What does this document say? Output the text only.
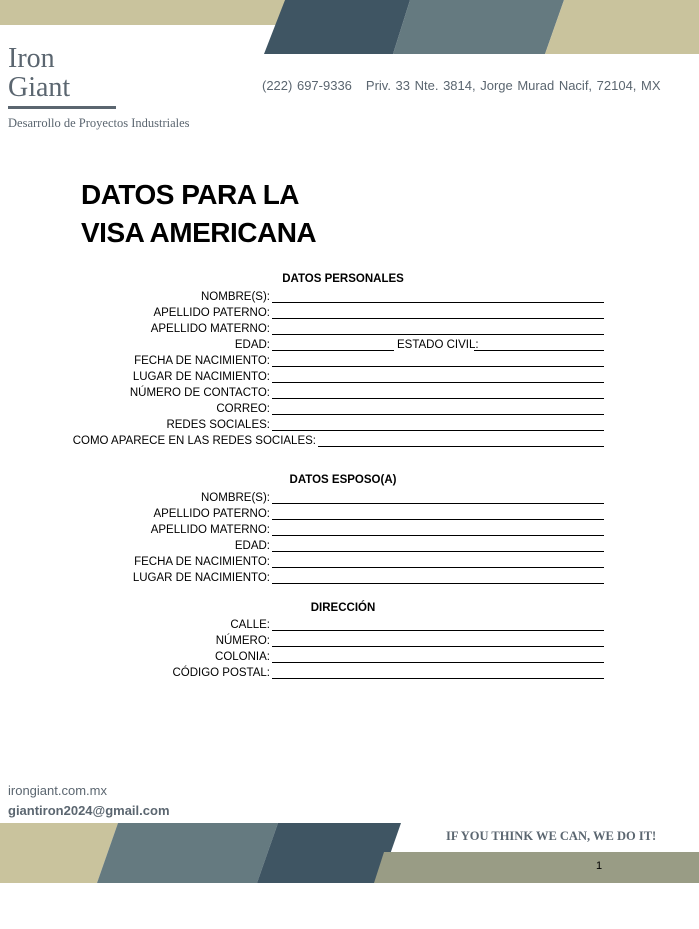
Iron
Giant
Desarrollo de Proyectos Industriales
(222) 697-9336 Priv. 33 Nte. 3814, Jorge Murad Nacif, 72104, MX
DATOS PARA LA
VISA AMERICANA
DATOS PERSONALES
NOMBRE(S):
APELLIDO PATERNO:
APELLIDO MATERNO:
EDAD:	ESTADO CIVIL:
FECHA DE NACIMIENTO:
LUGAR DE NACIMIENTO:
NÚMERO DE CONTACTO:
CORREO:
REDES SOCIALES:
COMO APARECE EN LAS REDES SOCIALES:
DATOS ESPOSO(A)
NOMBRE(S):
APELLIDO PATERNO:
APELLIDO MATERNO:
EDAD:
FECHA DE NACIMIENTO:
LUGAR DE NACIMIENTO:
DIRECCIÓN
CALLE:
NÚMERO:
COLONIA:
CÓDIGO POSTAL:
irongiant.com.mx
giantiron2024@gmail.com
IF YOU THINK WE CAN, WE DO IT!
1
